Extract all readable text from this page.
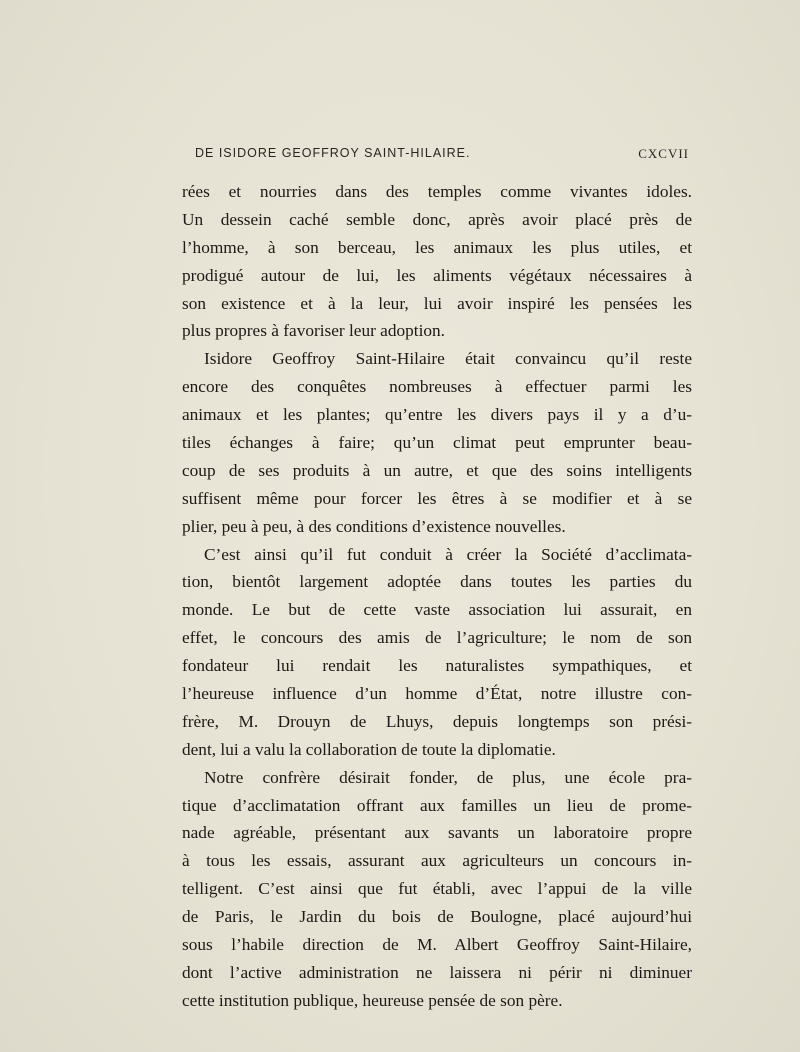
DE ISIDORE GEOFFROY SAINT-HILAIRE.	CXCVII
rées et nourries dans des temples comme vivantes idoles.
Un dessein caché semble donc, après avoir placé près de
l’homme, à son berceau, les animaux les plus utiles, et
prodigué autour de lui, les aliments végétaux nécessaires à
son existence et à la leur, lui avoir inspiré les pensées les
plus propres à favoriser leur adoption.
Isidore Geoffroy Saint-Hilaire était convaincu qu’il reste
encore des conquêtes nombreuses à effectuer parmi les
animaux et les plantes; qu’entre les divers pays il y a d’u-
tiles échanges à faire; qu’un climat peut emprunter beau-
coup de ses produits à un autre, et que des soins intelligents
suffisent même pour forcer les êtres à se modifier et à se
plier, peu à peu, à des conditions d’existence nouvelles.
C’est ainsi qu’il fut conduit à créer la Société d’acclimata-
tion, bientôt largement adoptée dans toutes les parties du
monde. Le but de cette vaste association lui assurait, en
effet, le concours des amis de l’agriculture; le nom de son
fondateur lui rendait les naturalistes sympathiques, et
l’heureuse influence d’un homme d’État, notre illustre con-
frère, M. Drouyn de Lhuys, depuis longtemps son prési-
dent, lui a valu la collaboration de toute la diplomatie.
Notre confrère désirait fonder, de plus, une école pra-
tique d’acclimatation offrant aux familles un lieu de prome-
nade agréable, présentant aux savants un laboratoire propre
à tous les essais, assurant aux agriculteurs un concours in-
telligent. C’est ainsi que fut établi, avec l’appui de la ville
de Paris, le Jardin du bois de Boulogne, placé aujourd’hui
sous l’habile direction de M. Albert Geoffroy Saint-Hilaire,
dont l’active administration ne laissera ni périr ni diminuer
cette institution publique, heureuse pensée de son père.
